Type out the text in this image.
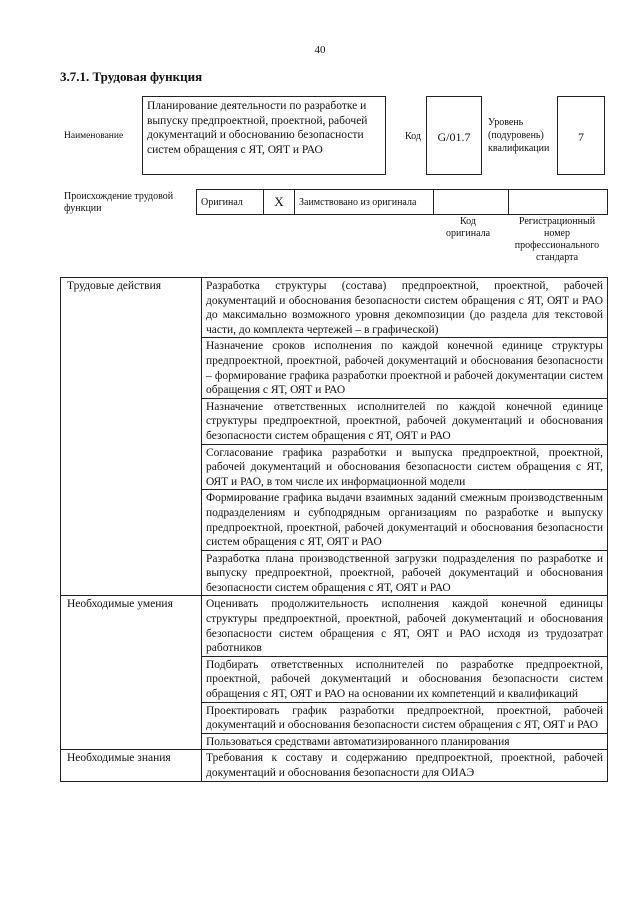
40
3.7.1. Трудовая функция
Наименование
Планирование деятельности по разработке и выпуску предпроектной, проектной, рабочей документаций и обоснованию безопасности систем обращения с ЯТ, ОЯТ и РАО
Код	G/01.7
Уровень
(подуровень)
квалификации
7
Происхождение трудовой функции
Оригинал	X	Заимствовано из оригинала		
Код оригинала
Регистрационный номер профессионального стандарта
Трудовые действия	Разработка структуры (состава) предпроектной, проектной, рабочей документаций и обоснования безопасности систем обращения с ЯТ, ОЯТ и РАО до максимально возможного уровня декомпозиции (до раздела для текстовой части, до комплекта чертежей – в графической)
	Назначение сроков исполнения по каждой конечной единице структуры предпроектной, проектной, рабочей документаций и обоснования безопасности – формирование графика разработки проектной и рабочей документации систем обращения с ЯТ, ОЯТ и РАО
	Назначение ответственных исполнителей по каждой конечной единице структуры предпроектной, проектной, рабочей документаций и обоснования безопасности систем обращения с ЯТ, ОЯТ и РАО
	Согласование графика разработки и выпуска предпроектной, проектной, рабочей документаций и обоснования безопасности систем обращения с ЯТ, ОЯТ и РАО, в том числе их информационной модели
	Формирование графика выдачи взаимных заданий смежным производственным подразделениям и субподрядным организациям по разработке и выпуску предпроектной, проектной, рабочей документаций и обоснования безопасности систем обращения с ЯТ, ОЯТ и РАО
	Разработка плана производственной загрузки подразделения по разработке и выпуску предпроектной, проектной, рабочей документаций и обоснования безопасности систем обращения с ЯТ, ОЯТ и РАО
Необходимые умения	Оценивать продолжительность исполнения каждой конечной единицы структуры предпроектной, проектной, рабочей документаций и обоснования безопасности систем обращения с ЯТ, ОЯТ и РАО исходя из трудозатрат работников
	Подбирать ответственных исполнителей по разработке предпроектной, проектной, рабочей документаций и обоснования безопасности систем обращения с ЯТ, ОЯТ и РАО на основании их компетенций и квалификаций
	Проектировать график разработки предпроектной, проектной, рабочей документаций и обоснования безопасности систем обращения с ЯТ, ОЯТ и РАО
	Пользоваться средствами автоматизированного планирования
Необходимые знания	Требования к составу и содержанию предпроектной, проектной, рабочей документаций и обоснования безопасности для ОИАЭ
